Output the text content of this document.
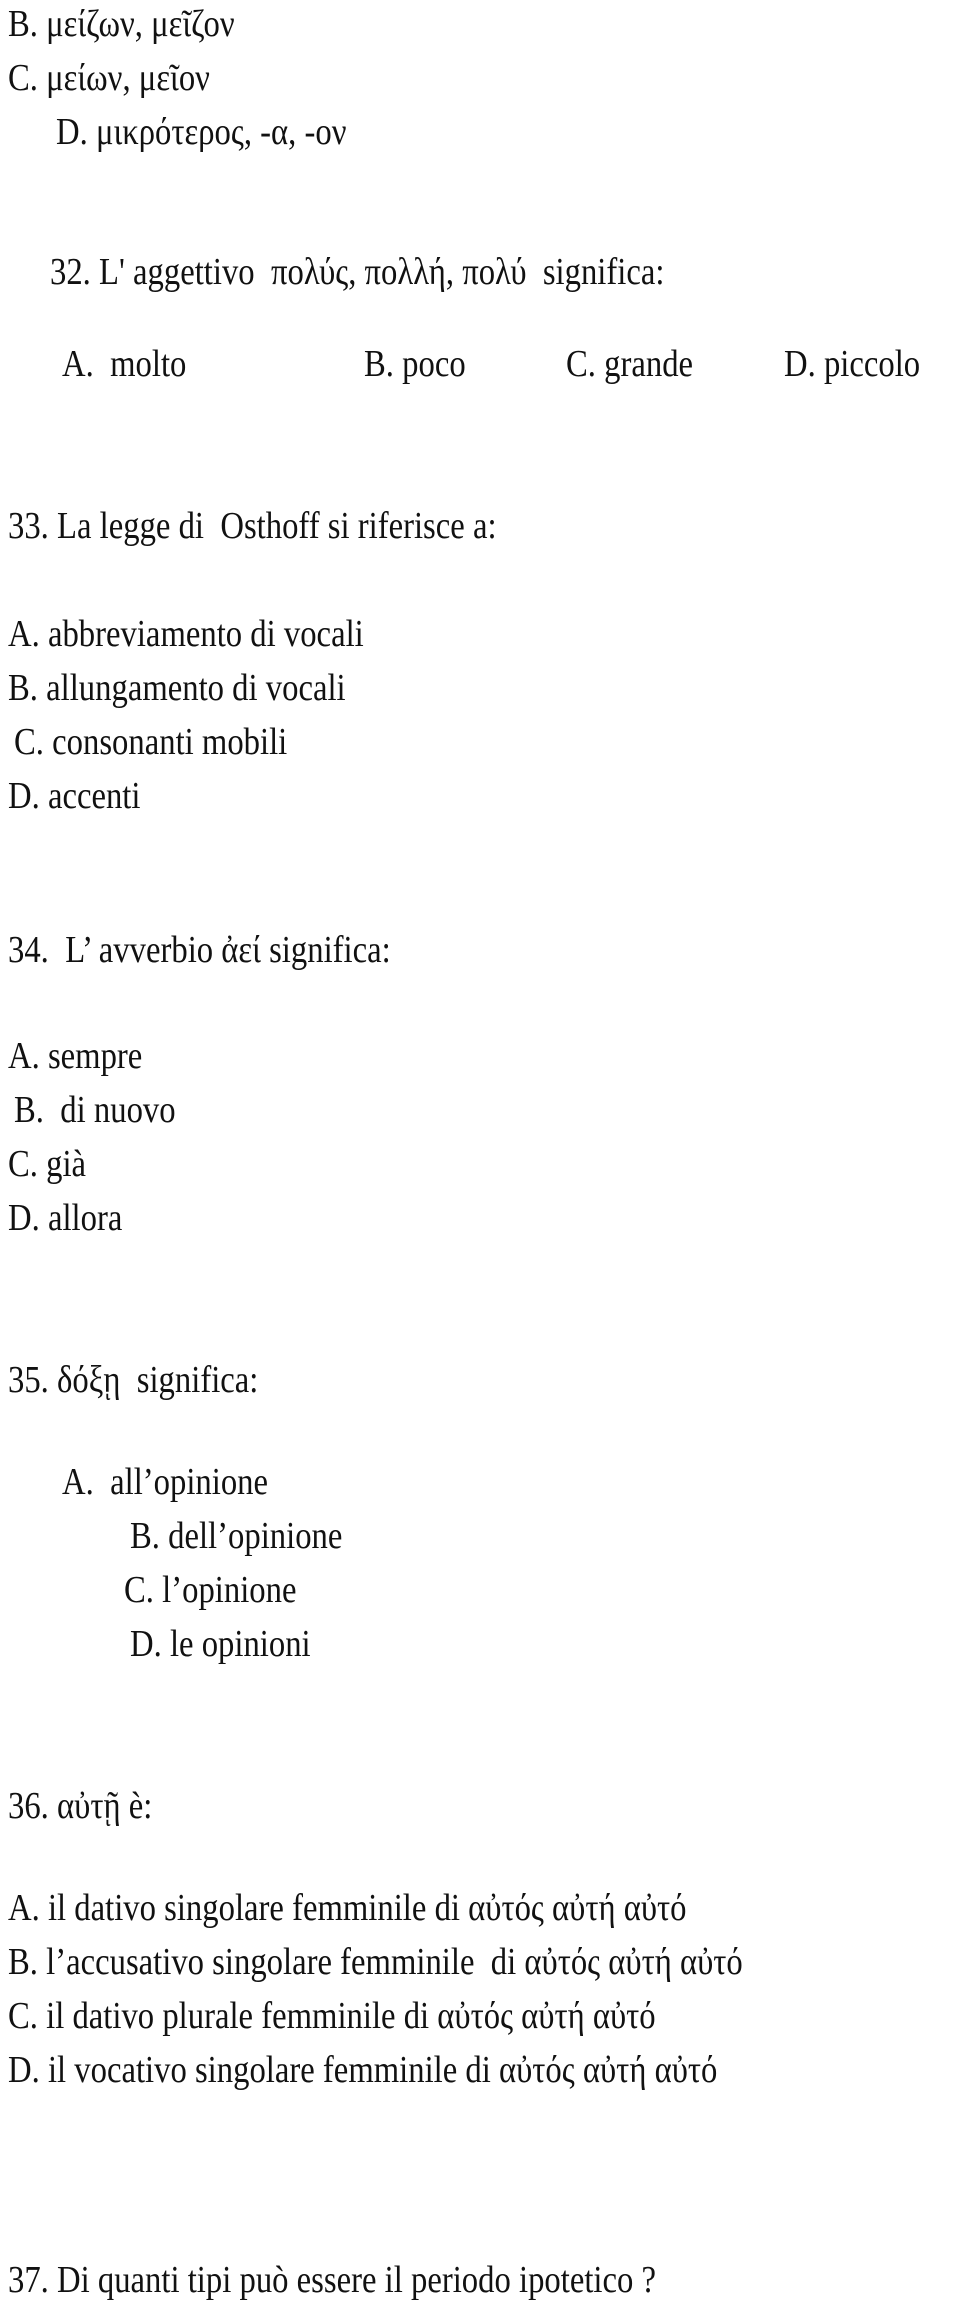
B. μείζων, μεῖζον
C. μείων, μεῖον
D. μικρότερος, -α, -ον
32. L' aggettivo  πολύς, πολλή, πολύ  significa:
A.  molto	B. poco	C. grande D. piccolo
33. La legge di  Osthoff si riferisce a:
A. abbreviamento di vocali
B. allungamento di vocali
C. consonanti mobili
D. accenti
34.  L’ avverbio ἀεί significa:
A. sempre
B.  di nuovo
C. già
D. allora
35. δόξῃ  significa:
A.  all’opinione
B. dell’opinione
C. l’opinione
D. le opinioni
36. αὐτῇ è:
A. il dativo singolare femminile di αὐτός αὐτή αὐτό
B. l’accusativo singolare femminile  di αὐτός αὐτή αὐτό
C. il dativo plurale femminile di αὐτός αὐτή αὐτό
D. il vocativo singolare femminile di αὐτός αὐτή αὐτό
37. Di quanti tipi può essere il periodo ipotetico ?
